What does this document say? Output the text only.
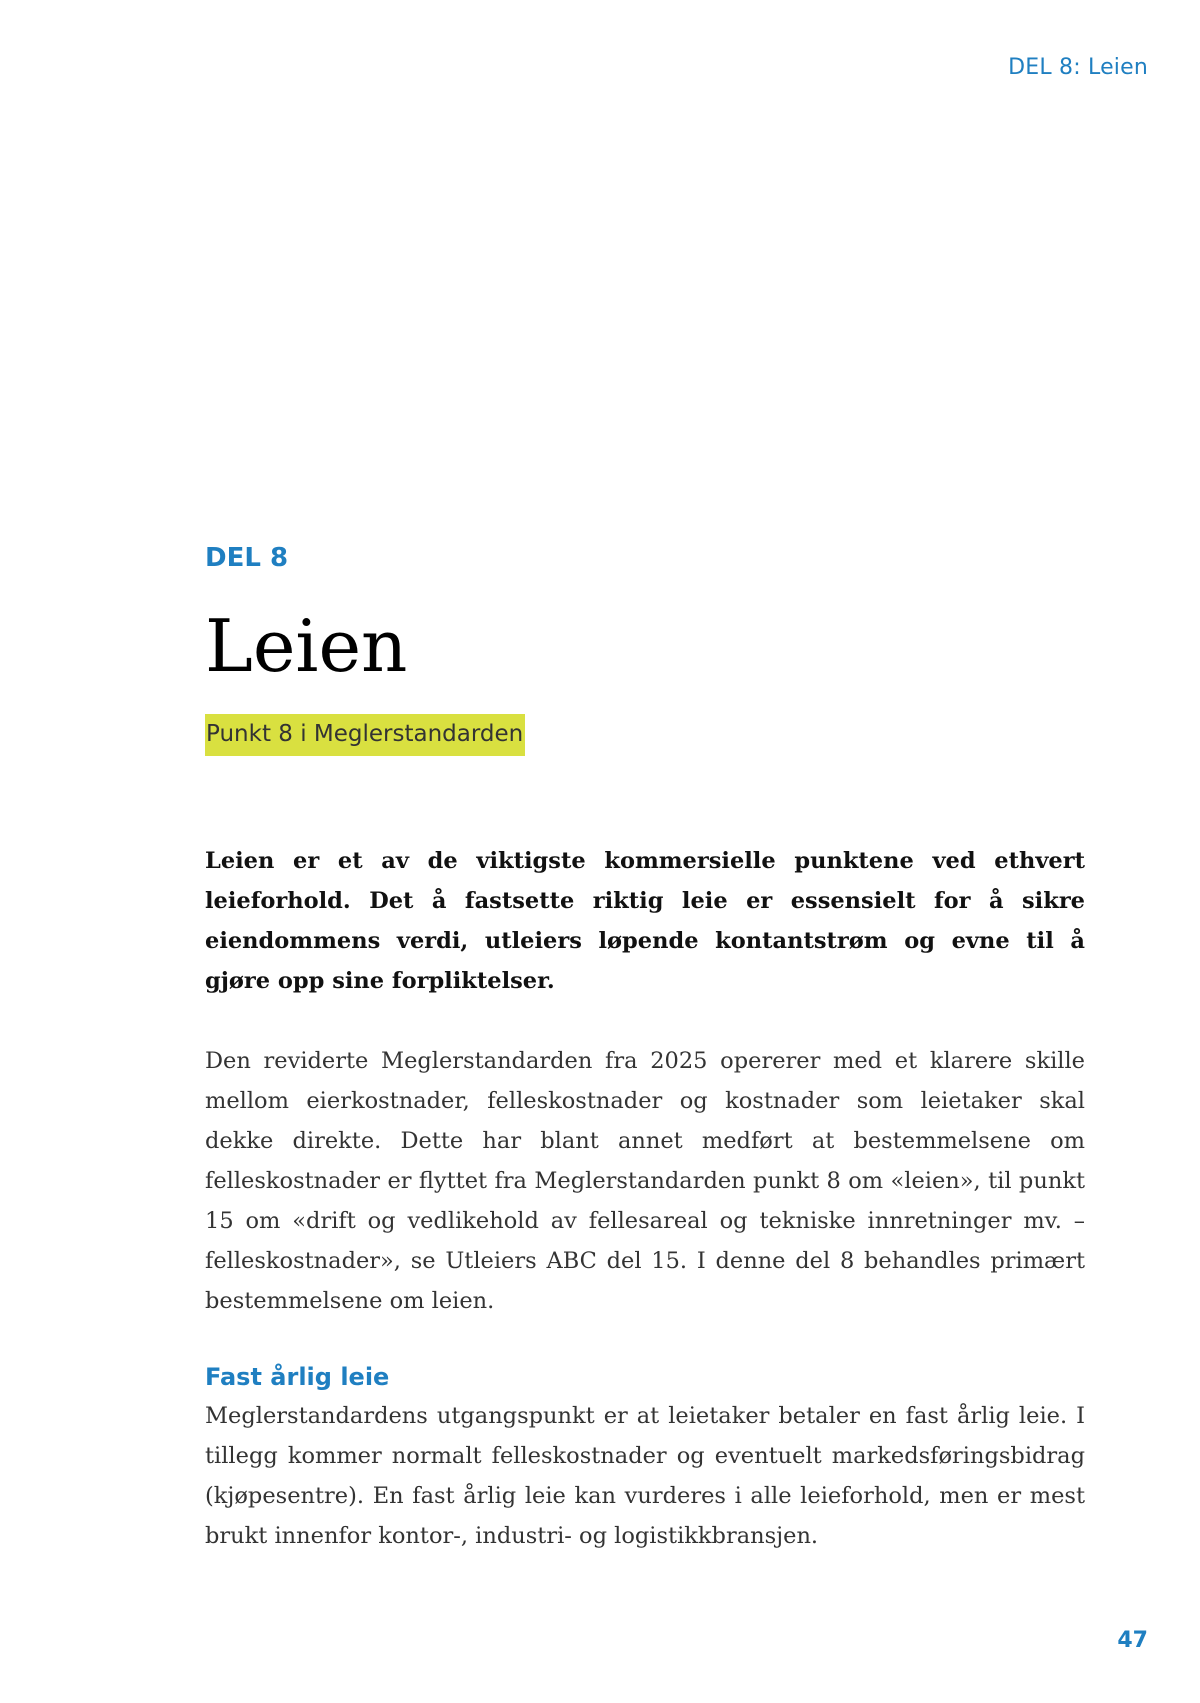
DEL 8: Leien

DEL 8

Leien
Punkt 8 i Meglerstandarden

Leien er et av de viktigste kommersielle punktene ved ethvert leieforhold. Det å fastsette riktig leie er essensielt for å sikre eiendommens verdi, utleiers løpende kontantstrøm og evne til å gjøre opp sine forpliktelser.

Den reviderte Meglerstandarden fra 2025 opererer med et klarere skille mellom eierkostnader, felleskostnader og kostnader som leietaker skal dekke direkte. Dette har blant annet medført at bestemmelsene om felleskostnader er flyttet fra Meglerstandarden punkt 8 om «leien», til punkt 15 om «drift og vedlikehold av fellesareal og tekniske innretninger mv. – felleskostnader», se Utleiers ABC del 15. I denne del 8 behandles primært bestemmelsene om leien.

Fast årlig leie

Meglerstandardens utgangspunkt er at leietaker betaler en fast årlig leie. I tillegg kommer normalt felleskostnader og eventuelt markedsføringsbidrag (kjøpesentre). En fast årlig leie kan vurderes i alle leieforhold, men er mest brukt innenfor kontor-, industri- og logistikkbransjen.

47
